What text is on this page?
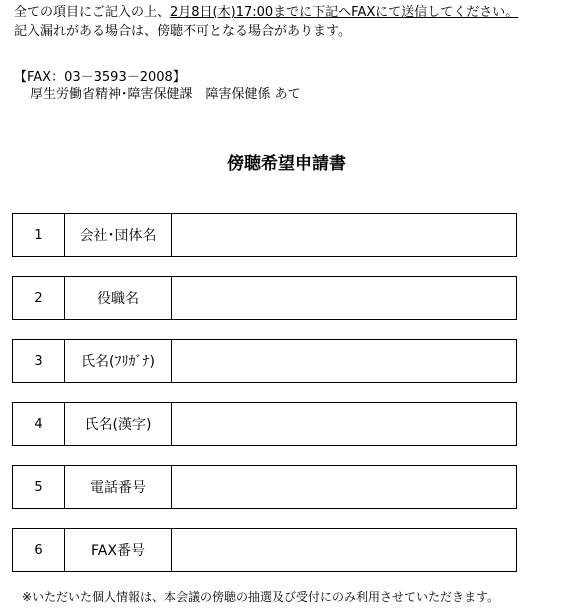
全ての項目にご記入の上、2月8日(木)17:00までに下記へFAXにて送信してください。
記入漏れがある場合は、傍聴不可となる場合があります。
【FAX：03－3593－2008】
厚生労働省精神･障害保健課　障害保健係 あて
傍聴希望申請書
1	会社･団体名
2	役職名
3	氏名(ﾌﾘｶﾞﾅ)
4	氏名(漢字)
5	電話番号
6	FAX番号
※いただいた個人情報は、本会議の傍聴の抽選及び受付にのみ利用させていただきます。
